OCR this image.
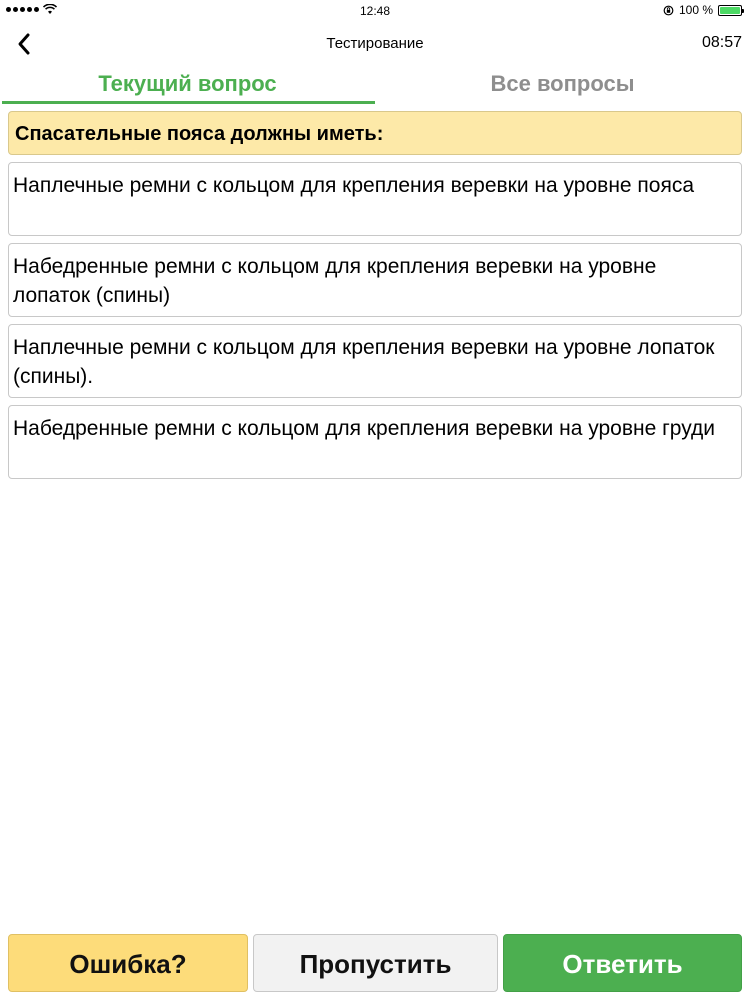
12:48	100 %
Тестирование	08:57
Текущий вопрос	Все вопросы
Спасательные пояса должны иметь:
Наплечные ремни с кольцом для крепления веревки на уровне пояса
Набедренные ремни с кольцом для крепления веревки на уровне лопаток (спины)
Наплечные ремни с кольцом для крепления веревки на уровне лопаток (спины).
Набедренные ремни с кольцом для крепления веревки на уровне груди
Ошибка?	Пропустить	Ответить
